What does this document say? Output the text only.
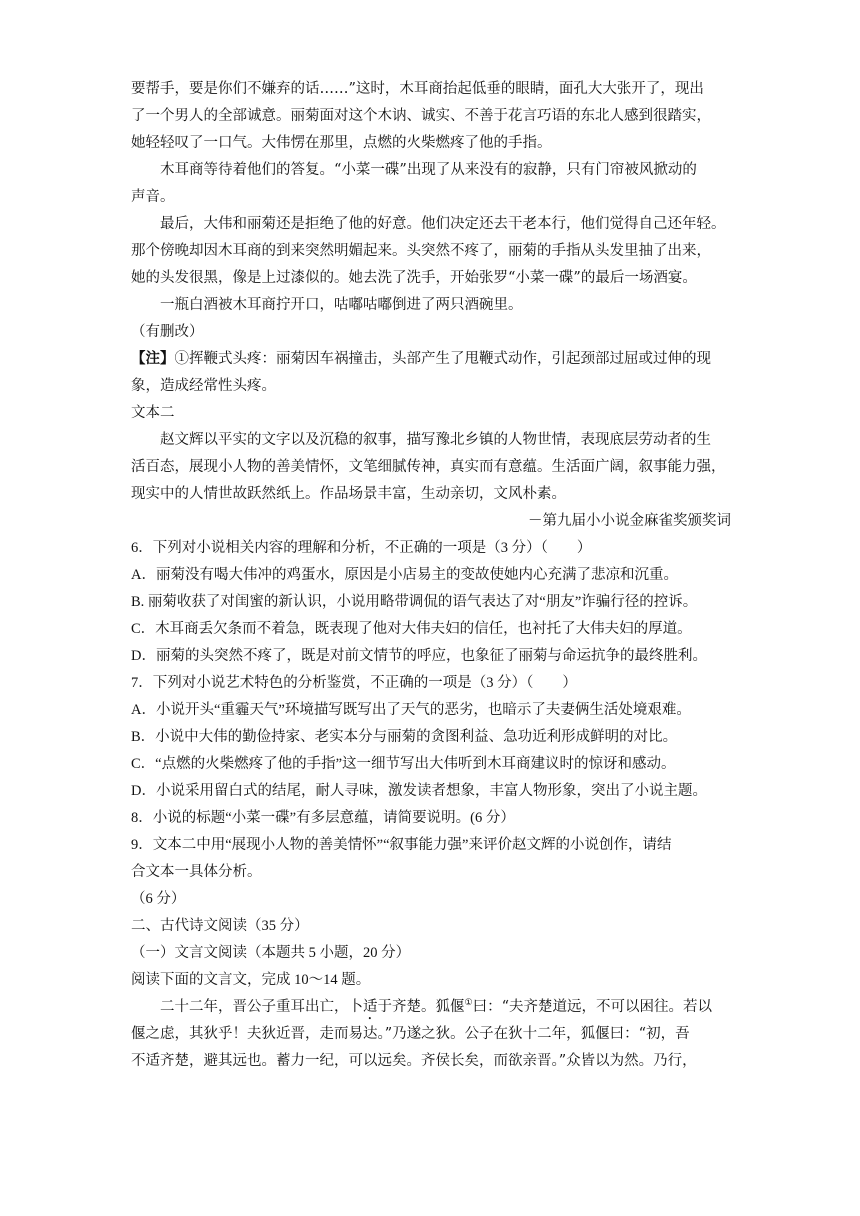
要帮手，要是你们不嫌弃的话……”这时，木耳商抬起低垂的眼睛，面孔大大张开了，现出
了一个男人的全部诚意。丽菊面对这个木讷、诚实、不善于花言巧语的东北人感到很踏实，
她轻轻叹了一口气。大伟愣在那里，点燃的火柴燃疼了他的手指。
木耳商等待着他们的答复。“小菜一碟”出现了从来没有的寂静，只有门帘被风掀动的
声音。
最后，大伟和丽菊还是拒绝了他的好意。他们决定还去干老本行，他们觉得自己还年轻。
那个傍晚却因木耳商的到来突然明媚起来。头突然不疼了，丽菊的手指从头发里抽了出来，
她的头发很黑，像是上过漆似的。她去洗了洗手，开始张罗“小菜一碟”的最后一场酒宴。
一瓶白酒被木耳商拧开口，咕嘟咕嘟倒进了两只酒碗里。
（有删改）
【注】①挥鞭式头疼：丽菊因车祸撞击，头部产生了甩鞭式动作，引起颈部过屈或过伸的现
象，造成经常性头疼。
文本二
赵文辉以平实的文字以及沉稳的叙事，描写豫北乡镇的人物世情，表现底层劳动者的生
活百态，展现小人物的善美情怀，文笔细腻传神，真实而有意蕴。生活面广阔，叙事能力强，
现实中的人情世故跃然纸上。作品场景丰富，生动亲切，文风朴素。
－第九届小小说金麻雀奖颁奖词
6．下列对小说相关内容的理解和分析，不正确的一项是（3 分）（　　）
A．丽菊没有喝大伟冲的鸡蛋水，原因是小店易主的变故使她内心充满了悲凉和沉重。
B. 丽菊收获了对闺蜜的新认识，小说用略带调侃的语气表达了对“朋友”诈骗行径的控诉。
C．木耳商丢欠条而不着急，既表现了他对大伟夫妇的信任，也衬托了大伟夫妇的厚道。
D．丽菊的头突然不疼了，既是对前文情节的呼应，也象征了丽菊与命运抗争的最终胜利。
7．下列对小说艺术特色的分析鉴赏，不正确的一项是（3 分）（　　）
A．小说开头“重霾天气”环境描写既写出了天气的恶劣，也暗示了夫妻俩生活处境艰难。
B．小说中大伟的勤俭持家、老实本分与丽菊的贪图利益、急功近利形成鲜明的对比。
C．“点燃的火柴燃疼了他的手指”这一细节写出大伟听到木耳商建议时的惊讶和感动。
D．小说采用留白式的结尾，耐人寻味，激发读者想象，丰富人物形象，突出了小说主题。
8．小说的标题“小菜一碟”有多层意蕴，请简要说明。(6 分）
9．文本二中用“展现小人物的善美情怀”“叙事能力强”来评价赵文辉的小说创作，请结
合文本一具体分析。
（6 分）
二、古代诗文阅读（35 分）
（一）文言文阅读（本题共 5 小题，20 分）
阅读下面的文言文，完成 10～14 题。
二十二年，晋公子重耳出亡，卜适于齐楚。狐偃①曰：“夫齐楚道远，不可以困往。若以
偃之虑，其狄乎！夫狄近晋，走而易达。”乃遂之狄。公子在狄十二年，狐偃曰：“初，吾
不适齐楚，避其远也。蓄力一纪，可以远矣。齐侯长矣，而欲亲晋。”众皆以为然。乃行，
